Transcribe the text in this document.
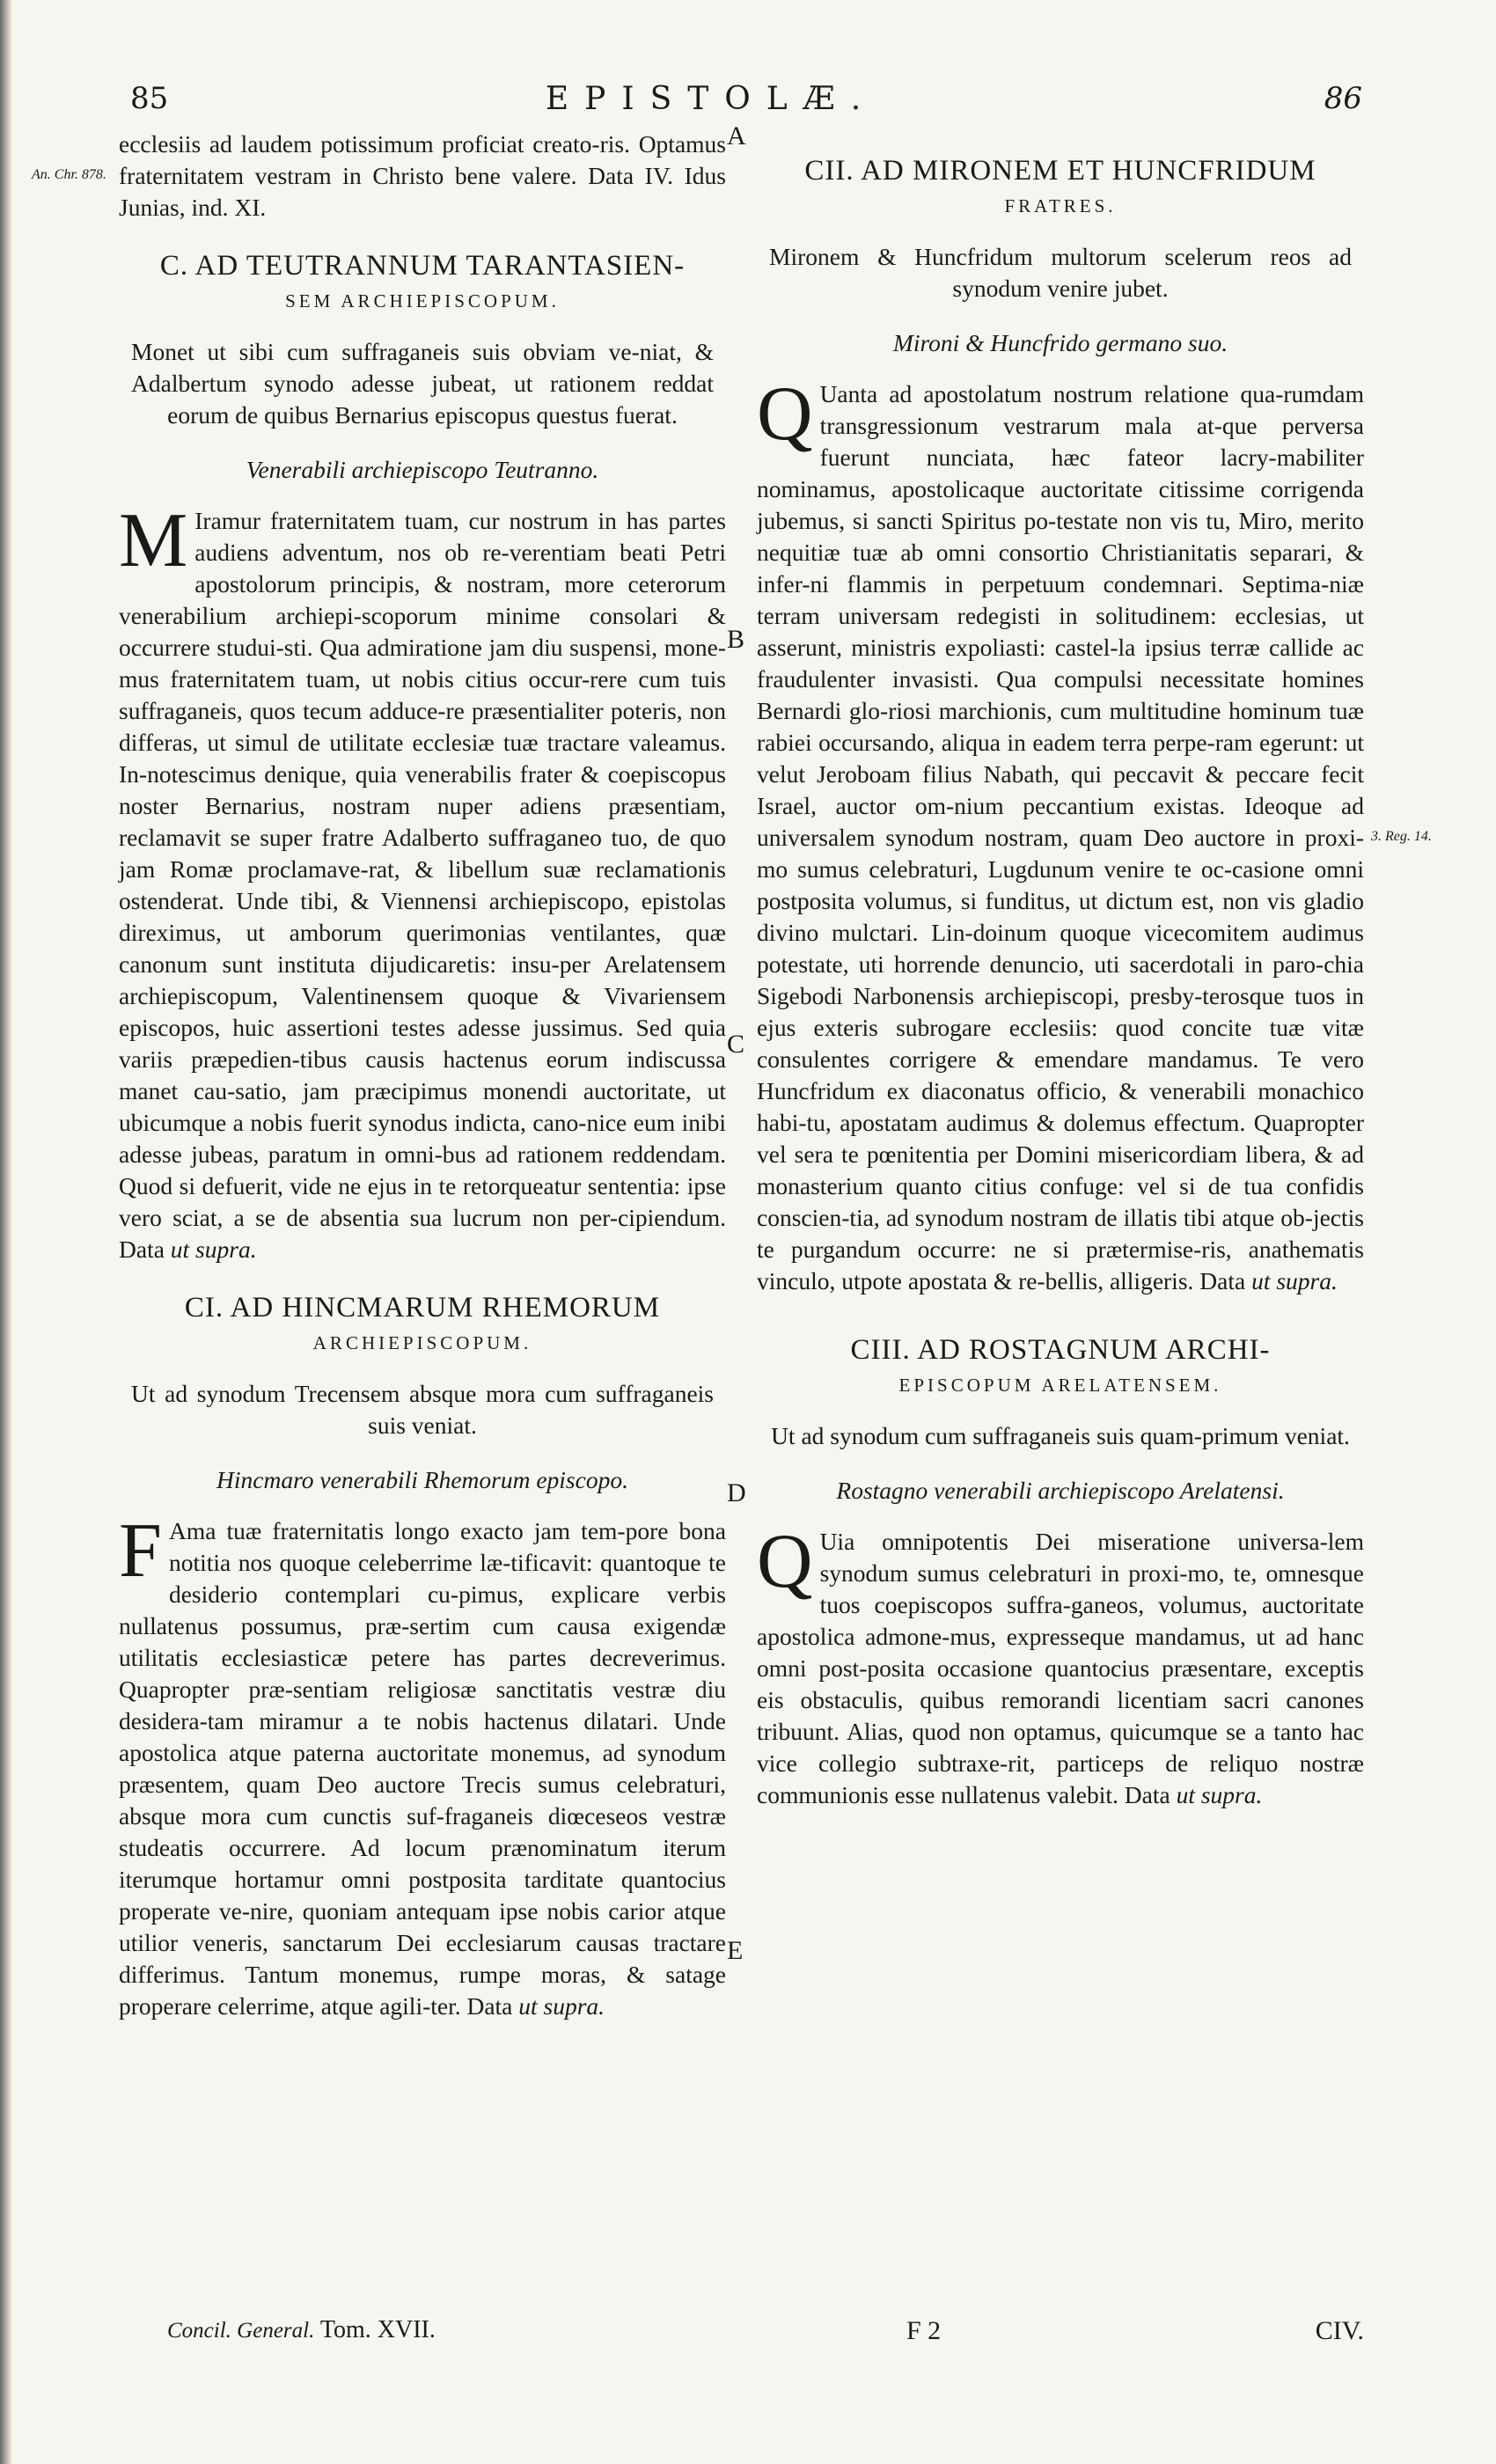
85	EPISTOLÆ.	86
An. Chr. 878.
3. Reg. 14.
A
B
C
D
E

ecclesiis ad laudem potissimum proficiat creato-ris. Optamus fraternitatem vestram in Christo bene valere. Data IV. Idus Junias, ind. XI.

C. AD TEUTRANNUM TARANTASIEN-
SEM ARCHIEPISCOPUM.
Monet ut sibi cum suffraganeis suis obviam ve-niat, & Adalbertum synodo adesse jubeat, ut rationem reddat eorum de quibus Bernarius episcopus questus fuerat.
Venerabili archiepiscopo Teutranno.

M Iramur fraternitatem tuam, cur nostrum in has partes audiens adventum, nos ob re-verentiam beati Petri apostolorum principis, & nostram, more ceterorum venerabilium archiepi-scoporum minime consolari & occurrere studui-sti. Qua admiratione jam diu suspensi, mone-mus fraternitatem tuam, ut nobis citius occur-rere cum tuis suffraganeis, quos tecum adduce-re præsentialiter poteris, non differas, ut simul de utilitate ecclesiæ tuæ tractare valeamus. In-notescimus denique, quia venerabilis frater & coepiscopus noster Bernarius, nostram nuper adiens præsentiam, reclamavit se super fratre Adalberto suffraganeo tuo, de quo jam Romæ proclamave-rat, & libellum suæ reclamationis ostenderat. Unde tibi, & Viennensi archiepiscopo, epistolas direximus, ut amborum querimonias ventilantes, quæ canonum sunt instituta dijudicaretis: insu-per Arelatensem archiepiscopum, Valentinensem quoque & Vivariensem episcopos, huic assertioni testes adesse jussimus. Sed quia variis præpedien-tibus causis hactenus eorum indiscussa manet cau-satio, jam præcipimus monendi auctoritate, ut ubicumque a nobis fuerit synodus indicta, cano-nice eum inibi adesse jubeas, paratum in omni-bus ad rationem reddendam. Quod si defuerit, vide ne ejus in te retorqueatur sententia: ipse vero sciat, a se de absentia sua lucrum non per-cipiendum. Data ut supra.

CI. AD HINCMARUM RHEMORUM
ARCHIEPISCOPUM.
Ut ad synodum Trecensem absque mora cum suffraganeis suis veniat.
Hincmaro venerabili Rhemorum episcopo.

F Ama tuæ fraternitatis longo exacto jam tem-pore bona notitia nos quoque celeberrime læ-tificavit: quantoque te desiderio contemplari cu-pimus, explicare verbis nullatenus possumus, præ-sertim cum causa exigendæ utilitatis ecclesiasticæ petere has partes decreverimus. Quapropter præ-sentiam religiosæ sanctitatis vestræ diu desidera-tam miramur a te nobis hactenus dilatari. Unde apostolica atque paterna auctoritate monemus, ad synodum præsentem, quam Deo auctore Trecis sumus celebraturi, absque mora cum cunctis suf-fraganeis diœceseos vestræ studeatis occurrere. Ad locum prænominatum iterum iterumque hortamur omni postposita tarditate quantocius properate ve-nire, quoniam antequam ipse nobis carior atque utilior veneris, sanctarum Dei ecclesiarum causas tractare differimus. Tantum monemus, rumpe moras, & satage properare celerrime, atque agili-ter. Data ut supra.

CII. AD MIRONEM ET HUNCFRIDUM
FRATRES.
Mironem & Huncfridum multorum scelerum reos ad synodum venire jubet.
Mironi & Huncfrido germano suo.

Q Uanta ad apostolatum nostrum relatione qua-rumdam transgressionum vestrarum mala at-que perversa fuerunt nunciata, hæc fateor lacry-mabiliter nominamus, apostolicaque auctoritate citissime corrigenda jubemus, si sancti Spiritus po-testate non vis tu, Miro, merito nequitiæ tuæ ab omni consortio Christianitatis separari, & infer-ni flammis in perpetuum condemnari. Septima-niæ terram universam redegisti in solitudinem: ecclesias, ut asserunt, ministris expoliasti: castel-la ipsius terræ callide ac fraudulenter invasisti. Qua compulsi necessitate homines Bernardi glo-riosi marchionis, cum multitudine hominum tuæ rabiei occursando, aliqua in eadem terra perpe-ram egerunt: ut velut Jeroboam filius Nabath, qui peccavit & peccare fecit Israel, auctor om-nium peccantium existas. Ideoque ad universalem synodum nostram, quam Deo auctore in proxi-mo sumus celebraturi, Lugdunum venire te oc-casione omni postposita volumus, si funditus, ut dictum est, non vis gladio divino mulctari. Lin-doinum quoque vicecomitem audimus potestate, uti horrende denuncio, uti sacerdotali in paro-chia Sigebodi Narbonensis archiepiscopi, presby-terosque tuos in ejus exteris subrogare ecclesiis: quod concite tuæ vitæ consulentes corrigere & emendare mandamus. Te vero Huncfridum ex diaconatus officio, & venerabili monachico habi-tu, apostatam audimus & dolemus effectum. Quapropter vel sera te pœnitentia per Domini misericordiam libera, & ad monasterium quanto citius confuge: vel si de tua confidis conscien-tia, ad synodum nostram de illatis tibi atque ob-jectis te purgandum occurre: ne si prætermise-ris, anathematis vinculo, utpote apostata & re-bellis, alligeris. Data ut supra.

CIII. AD ROSTAGNUM ARCHI-
EPISCOPUM ARELATENSEM.
Ut ad synodum cum suffraganeis suis quam-primum veniat.
Rostagno venerabili archiepiscopo Arelatensi.

Q Uia omnipotentis Dei miseratione universa-lem synodum sumus celebraturi in proxi-mo, te, omnesque tuos coepiscopos suffra-ganeos, volumus, auctoritate apostolica admone-mus, expresseque mandamus, ut ad hanc omni post-posita occasione quantocius præsentare, exceptis eis obstaculis, quibus remorandi licentiam sacri canones tribuunt. Alias, quod non optamus, quicumque se a tanto hac vice collegio subtraxe-rit, particeps de reliquo nostræ communionis esse nullatenus valebit. Data ut supra.

Concil. General. Tom. XVII.	F 2	CIV.
